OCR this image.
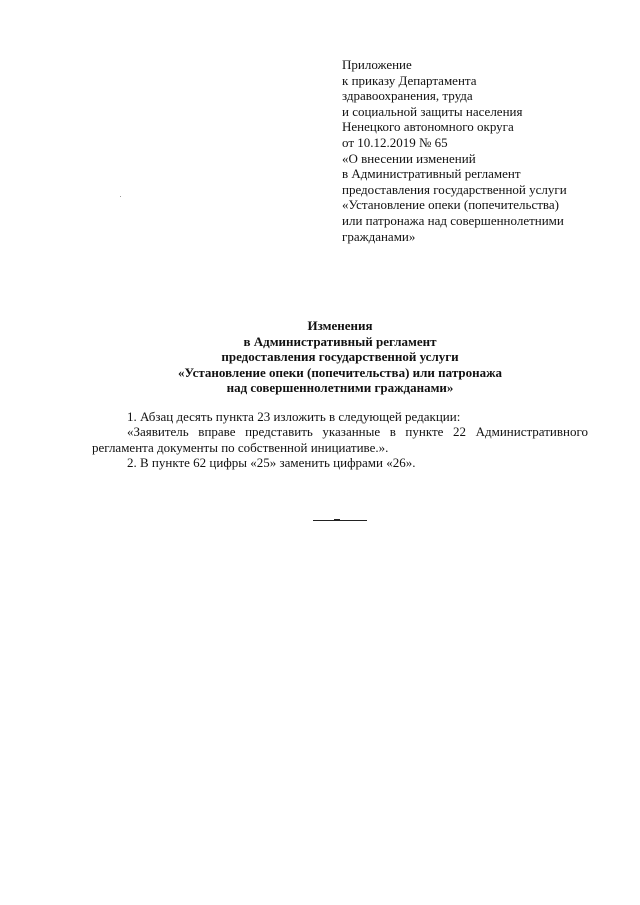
Приложение
к приказу Департамента
здравоохранения, труда
и социальной защиты населения
Ненецкого автономного округа
от 10.12.2019 № 65
«О внесении изменений
в Административный регламент
предоставления государственной услуги
«Установление опеки (попечительства)
или патронажа над совершеннолетними
гражданами»
Изменения
в Административный регламент
предоставления государственной услуги
«Установление опеки (попечительства) или патронажа
над совершеннолетними гражданами»

1. Абзац десять пункта 23 изложить в следующей редакции:

«Заявитель вправе представить указанные в пункте 22 Административного регламента документы по собственной инициативе.».

2. В пункте 62 цифры «25» заменить цифрами «26».
